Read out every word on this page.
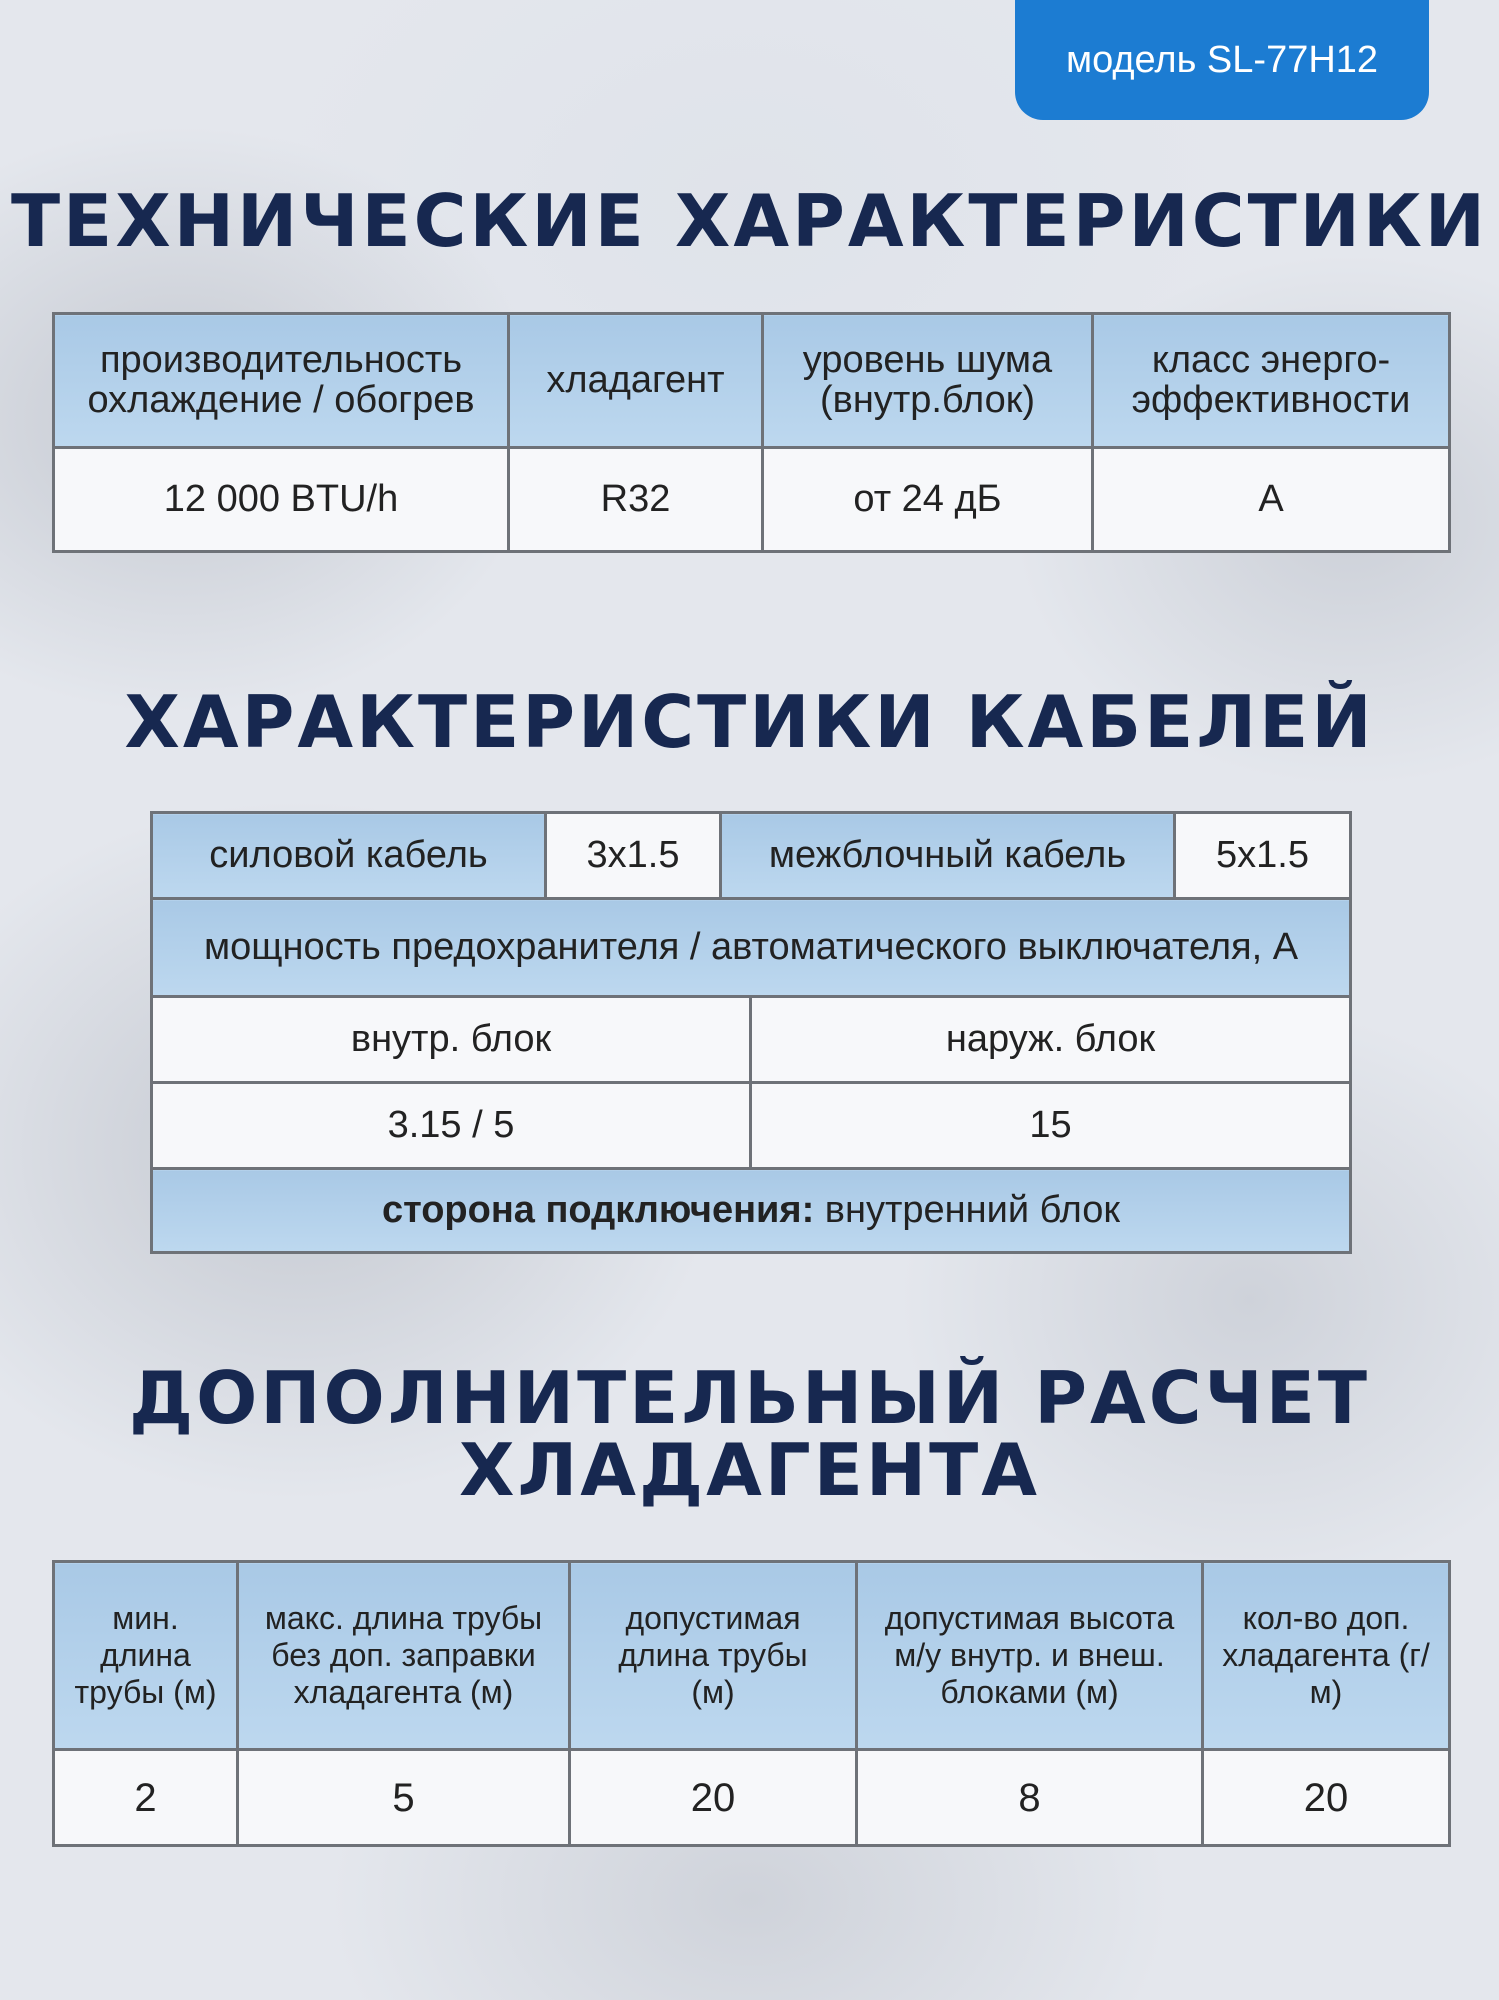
модель SL-77H12
ТЕХНИЧЕСКИЕ ХАРАКТЕРИСТИКИ
производительность охлаждение / обогрев	хладагент	уровень шума (внутр.блок)	класс энерго-эффективности
12 000 BTU/h	R32	от 24 дБ	A
ХАРАКТЕРИСТИКИ КАБЕЛЕЙ
силовой кабель	3x1.5	межблочный кабель		5x1.5
мощность предохранителя / автоматического выключателя, A				
внутр. блок			наруж. блок	
3.15 / 5			15	
сторона подключения: внутренний блок				
ДОПОЛНИТЕЛЬНЫЙ РАСЧЕТ
ХЛАДАГЕНТА
мин. длина трубы (м)	макс. длина трубы без доп. заправки хладагента (м)	допустимая длина трубы (м)	допустимая высота м/у внутр. и внеш. блоками (м)	кол-во доп. хладагента (г/м)
2	5	20	8	20
